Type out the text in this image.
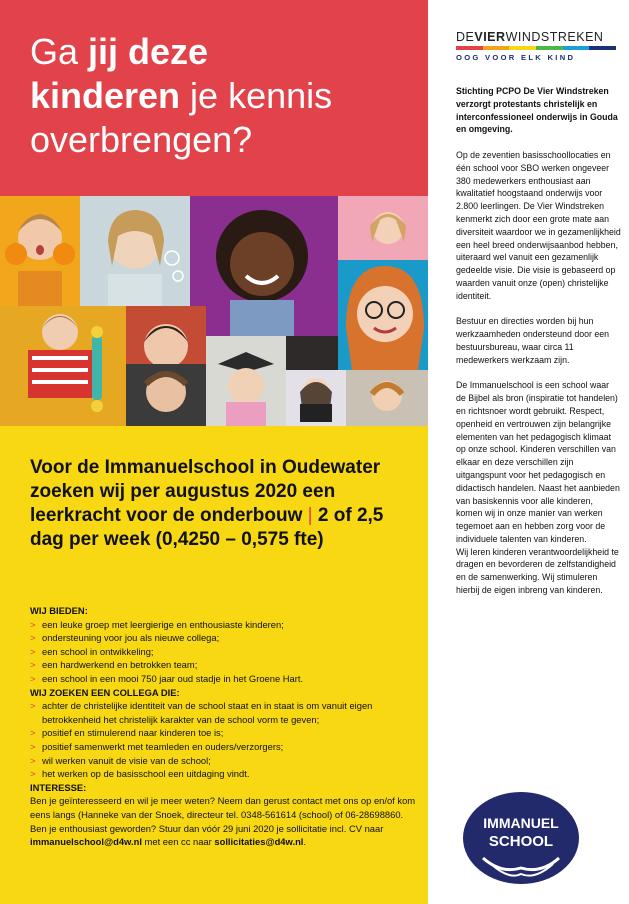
Ga jij deze
kinderen je kennis
overbrengen?
Voor de Immanuelschool in Oudewater zoeken wij per augustus 2020 een leerkracht voor de onderbouw | 2 of 2,5 dag per week (0,4250 – 0,575 fte)
WIJ BIEDEN:
> een leuke groep met leergierige en enthousiaste kinderen;
> ondersteuning voor jou als nieuwe collega;
> een school in ontwikkeling;
> een hardwerkend en betrokken team;
> een school in een mooi 750 jaar oud stadje in het Groene Hart.
WIJ ZOEKEN EEN COLLEGA DIE:
> achter de christelijke identiteit van de school staat en in staat is om vanuit eigen betrokkenheid het christelijk karakter van de school vorm te geven;
> positief en stimulerend naar kinderen toe is;
> positief samenwerkt met teamleden en ouders/verzorgers;
> wil werken vanuit de visie van de school;
> het werken op de basisschool een uitdaging vindt.
INTERESSE:
Ben je geïnteresseerd en wil je meer weten? Neem dan gerust contact met ons op en/of kom eens langs (Hanneke van der Snoek, directeur tel. 0348-561614 (school) of 06-28698860. Ben je enthousiast geworden? Stuur dan vóór 29 juni 2020 je sollicitatie incl. CV naar immanuelschool@d4w.nl met een cc naar sollicitaties@d4w.nl.
DEVIERWINDSTREKEN
OOG VOOR ELK KIND

Stichting PCPO De Vier Windstreken verzorgt protestants christelijk en interconfessioneel onderwijs in Gouda en omgeving.

Op de zeventien basisschoollocaties en één school voor SBO werken ongeveer 380 medewerkers enthousiast aan kwalitatief hoogstaand onderwijs voor 2.800 leerlingen. De Vier Windstreken kenmerkt zich door een grote mate aan diversiteit waardoor we in gezamenlijkheid een heel breed onderwijsaanbod hebben, uiteraard wel vanuit een gezamenlijk gedeelde visie. Die visie is gebaseerd op waarden vanuit onze (open) christelijke identiteit.

Bestuur en directies worden bij hun werkzaamheden ondersteund door een bestuursbureau, waar circa 11 medewerkers werkzaam zijn.

De Immanuelschool is een school waar de Bijbel als bron (inspiratie tot handelen) en richtsnoer wordt gebruikt. Respect, openheid en vertrouwen zijn belangrijke elementen van het pedagogisch klimaat op onze school. Kinderen verschillen van elkaar en deze verschillen zijn uitgangspunt voor het pedagogisch en didactisch handelen. Naast het aanbieden van basiskennis voor alle kinderen, komen wij in onze manier van werken tegemoet aan en hebben zorg voor de individuele talenten van kinderen.

Wij leren kinderen verantwoordelijkheid te dragen en bevorderen de zelfstandigheid en de samenwerking. Wij stimuleren hierbij de eigen inbreng van kinderen.

IMMANUEL
SCHOOL
